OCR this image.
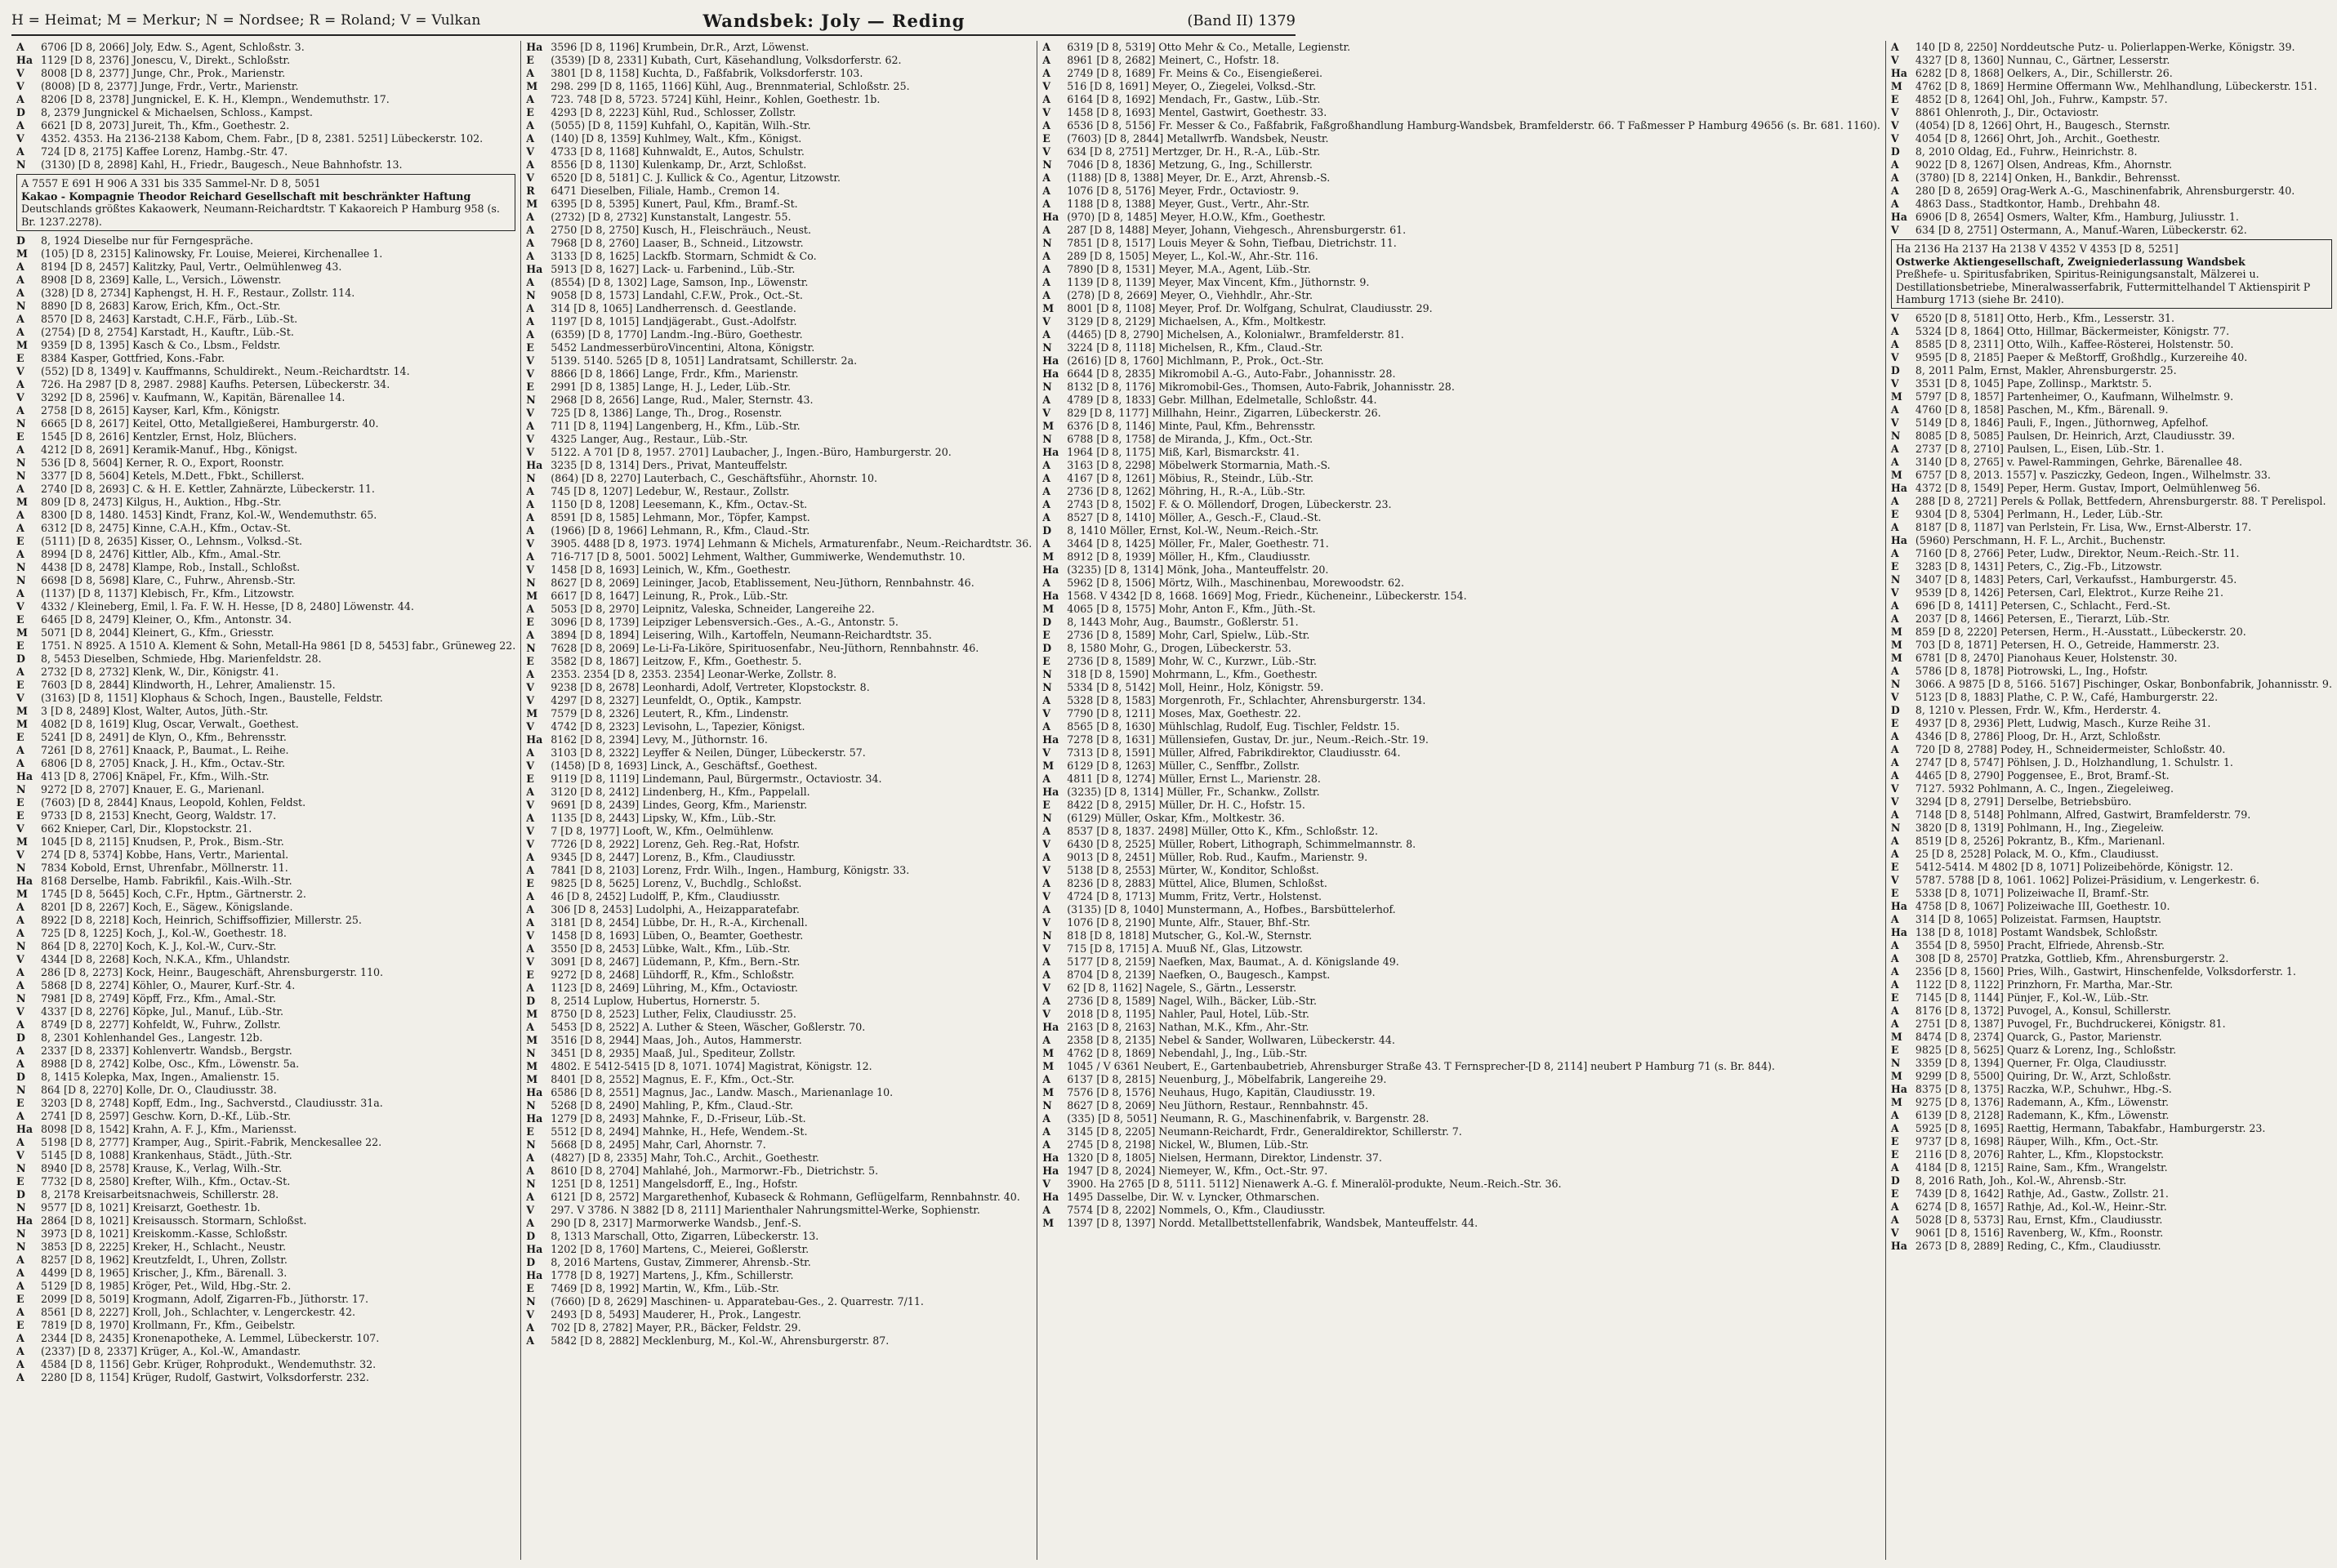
H = Heimat; M = Merkur; N = Nordsee; R = Roland; V = Vulkan	Wandsbek: Joly — Reding	(Band II) 1379
A 6706 [D 8, 2066] Joly, Edw. S., Agent, Schloßstr. 3.
Ha 1129 [D 8, 2376] Jonescu, V., Direkt., Schloßstr.
V 8008 [D 8, 2377] Junge, Chr., Prok., Marienstr.
V (8008) [D 8, 2377] Junge, Frdr., Vertr., Marienstr.
A 8206 [D 8, 2378] Jungnickel, E. K. H., Klempn., Wendemuthstr. 17.
D 8, 2379 Jungnickel & Michaelsen, Schloss., Kampst.
A 6621 [D 8, 2073] Jureit, Th., Kfm., Goethestr. 2.
V 4352. 4353. Ha 2136-2138 Kabom, Chem. Fabr., [D 8, 2381. 5251] Lübeckerstr. 102.
A 724 [D 8, 2175] Kaffee Lorenz, Hambg.-Str. 47.
N (3130) [D 8, 2898] Kahl, H., Friedr., Baugesch., Neue Bahnhofstr. 13.
A 7557 E 691 H 906 A 331 bis 335 Sammel-Nr. D 8, 5051
Kakao - Kompagnie Theodor Reichard Gesellschaft mit beschränkter Haftung
Deutschlands größtes Kakaowerk, Neumann-Reichardtstr. T Kakaoreich P Hamburg 958 (s. Br. 1237.2278).
D 8, 1924 Dieselbe nur für Ferngespräche.
M (105) [D 8, 2315] Kalinowsky, Fr. Louise, Meierei, Kirchenallee 1.
A 8194 [D 8, 2457] Kalitzky, Paul, Vertr., Oelmühlenweg 43.
A 8908 [D 8, 2369] Kalle, L., Versich., Löwenstr.
A (328) [D 8, 2734] Kaphengst, H. H. F., Restaur., Zollstr. 114.
N 8890 [D 8, 2683] Karow, Erich, Kfm., Oct.-Str.
A 8570 [D 8, 2463] Karstadt, C.H.F., Färb., Lüb.-St.
A (2754) [D 8, 2754] Karstadt, H., Kauftr., Lüb.-St.
M 9359 [D 8, 1395] Kasch & Co., Lbsm., Feldstr.
E 8384 Kasper, Gottfried, Kons.-Fabr.
V (552) [D 8, 1349] v. Kauffmanns, Schuldirekt., Neum.-Reichardtstr. 14.
A 726. Ha 2987 [D 8, 2987. 2988] Kaufhs. Petersen, Lübeckerstr. 34.
V 3292 [D 8, 2596] v. Kaufmann, W., Kapitän, Bärenallee 14.
A 2758 [D 8, 2615] Kayser, Karl, Kfm., Königstr.
N 6665 [D 8, 2617] Keitel, Otto, Metallgießerei, Hamburgerstr. 40.
E 1545 [D 8, 2616] Kentzler, Ernst, Holz, Blüchers.
A 4212 [D 8, 2691] Keramik-Manuf., Hbg., Königst.
N 536 [D 8, 5604] Kerner, R. O., Export, Roonstr.
N 3377 [D 8, 5604] Ketels, M.Dett., Fbkt., Schillerst.
A 2740 [D 8, 2693] C. & H. E. Kettler, Zahnärzte, Lübeckerstr. 11.
M 809 [D 8, 2473] Kilgus, H., Auktion., Hbg.-Str.
A 8300 [D 8, 1480. 1453] Kindt, Franz, Kol.-W., Wendemuthstr. 65.
A 6312 [D 8, 2475] Kinne, C.A.H., Kfm., Octav.-St.
E (5111) [D 8, 2635] Kisser, O., Lehnsm., Volksd.-St.
A 8994 [D 8, 2476] Kittler, Alb., Kfm., Amal.-Str.
N 4438 [D 8, 2478] Klampe, Rob., Install., Schloßst.
N 6698 [D 8, 5698] Klare, C., Fuhrw., Ahrensb.-Str.
A (1137) [D 8, 1137] Klebisch, Fr., Kfm., Litzowstr.
V 4332 / Kleineberg, Emil, l. Fa. F. W. H. Hesse, [D 8, 2480] Löwenstr. 44.
E 6465 [D 8, 2479] Kleiner, O., Kfm., Antonstr. 34.
M 5071 [D 8, 2044] Kleinert, G., Kfm., Griesstr.
E 1751. N 8925. A 1510 A. Klement & Sohn, Metall-Ha 9861 [D 8, 5453] fabr., Grüneweg 22.
D 8, 5453 Dieselben, Schmiede, Hbg. Marienfeldstr. 28.
A 2732 [D 8, 2732] Klenk, W., Dir., Königstr. 41.
E 7603 [D 8, 2844] Klindworth, H., Lehrer, Amalienstr. 15.
V (3163) [D 8, 1151] Klophaus & Schoch, Ingen., Baustelle, Feldstr.
M 3 [D 8, 2489] Klost, Walter, Autos, Jüth.-Str.
M 4082 [D 8, 1619] Klug, Oscar, Verwalt., Goethest.
E 5241 [D 8, 2491] de Klyn, O., Kfm., Behrensstr.
A 7261 [D 8, 2761] Knaack, P., Baumat., L. Reihe.
A 6806 [D 8, 2705] Knack, J. H., Kfm., Octav.-Str.
Ha 413 [D 8, 2706] Knäpel, Fr., Kfm., Wilh.-Str.
N 9272 [D 8, 2707] Knauer, E. G., Marienanl.
E (7603) [D 8, 2844] Knaus, Leopold, Kohlen, Feldst.
E 9733 [D 8, 2153] Knecht, Georg, Waldstr. 17.
V 662 Knieper, Carl, Dir., Klopstockstr. 21.
M 1045 [D 8, 2115] Knudsen, P., Prok., Bism.-Str.
V 274 [D 8, 5374] Kobbe, Hans, Vertr., Mariental.
N 7834 Kobold, Ernst, Uhrenfabr., Möllnerstr. 11.
Ha 8168 Derselbe, Hamb. Fabrikfil., Kais.-Wilh.-Str.
M 1745 [D 8, 5645] Koch, C.Fr., Hptm., Gärtnerstr. 2.
A 8201 [D 8, 2267] Koch, E., Sägew., Königslande.
A 8922 [D 8, 2218] Koch, Heinrich, Schiffsoffizier, Millerstr. 25.
A 725 [D 8, 1225] Koch, J., Kol.-W., Goethestr. 18.
N 864 [D 8, 2270] Koch, K. J., Kol.-W., Curv.-Str.
V 4344 [D 8, 2268] Koch, N.K.A., Kfm., Uhlandstr.
A 286 [D 8, 2273] Kock, Heinr., Baugeschäft, Ahrensburgerstr. 110.
A 5868 [D 8, 2274] Köhler, O., Maurer, Kurf.-Str. 4.
N 7981 [D 8, 2749] Köpff, Frz., Kfm., Amal.-Str.
V 4337 [D 8, 2276] Köpke, Jul., Manuf., Lüb.-Str.
A 8749 [D 8, 2277] Kohfeldt, W., Fuhrw., Zollstr.
D 8, 2301 Kohlenhandel Ges., Langestr. 12b.
A 2337 [D 8, 2337] Kohlenvertr. Wandsb., Bergstr.
A 8988 [D 8, 2742] Kolbe, Osc., Kfm., Löwenstr. 5a.
D 8, 1415 Kolepka, Max, Ingen., Amalienstr. 15.
N 864 [D 8, 2270] Kolle, Dr. O., Claudiusstr. 38.
E 3203 [D 8, 2748] Kopff, Edm., Ing., Sachverstd., Claudiusstr. 31a.
A 2741 [D 8, 2597] Geschw. Korn, D.-Kf., Lüb.-Str.
Ha 8098 [D 8, 1542] Krahn, A. F. J., Kfm., Mariensst.
A 5198 [D 8, 2777] Kramper, Aug., Spirit.-Fabrik, Menckesallee 22.
V 5145 [D 8, 1088] Krankenhaus, Städt., Jüth.-Str.
N 8940 [D 8, 2578] Krause, K., Verlag, Wilh.-Str.
E 7732 [D 8, 2580] Krefter, Wilh., Kfm., Octav.-St.
D 8, 2178 Kreisarbeitsnachweis, Schillerstr. 28.
N 9577 [D 8, 1021] Kreisarzt, Goethestr. 1b.
Ha 2864 [D 8, 1021] Kreisaussch. Stormarn, Schloßst.
N 3973 [D 8, 1021] Kreiskomm.-Kasse, Schloßstr.
N 3853 [D 8, 2225] Kreker, H., Schlacht., Neustr.
A 8257 [D 8, 1962] Kreutzfeldt, I., Uhren, Zollstr.
A 4499 [D 8, 1965] Krischer, J., Kfm., Bärenall. 3.
A 5129 [D 8, 1985] Kröger, Pet., Wild, Hbg.-Str. 2.
E 2099 [D 8, 5019] Krogmann, Adolf, Zigarren-Fb., Jüthorstr. 17.
A 8561 [D 8, 2227] Kroll, Joh., Schlachter, v. Lengerckestr. 42.
E 7819 [D 8, 1970] Krollmann, Fr., Kfm., Geibelstr.
A 2344 [D 8, 2435] Kronenapotheke, A. Lemmel, Lübeckerstr. 107.
A (2337) [D 8, 2337] Krüger, A., Kol.-W., Amandastr.
A 4584 [D 8, 1156] Gebr. Krüger, Rohprodukt., Wendemuthstr. 32.
A 2280 [D 8, 1154] Krüger, Rudolf, Gastwirt, Volksdorferstr. 232.
Ha 3596 [D 8, 1196] Krumbein, Dr.R., Arzt, Löwenst.
E (3539) [D 8, 2331] Kubath, Curt, Käsehandlung, Volksdorferstr. 62.
A 3801 [D 8, 1158] Kuchta, D., Faßfabrik, Volksdorferstr. 103.
M 298. 299 [D 8, 1165, 1166] Kühl, Aug., Brennmaterial, Schloßstr. 25.
A 723. 748 [D 8, 5723. 5724] Kühl, Heinr., Kohlen, Goethestr. 1b.
E 4293 [D 8, 2223] Kühl, Rud., Schlosser, Zollstr.
A (5055) [D 8, 1159] Kuhfahl, O., Kapitän, Wilh.-Str.
A (140) [D 8, 1359] Kuhlmey, Walt., Kfm., Königst.
V 4733 [D 8, 1168] Kuhnwaldt, E., Autos, Schulstr.
A 8556 [D 8, 1130] Kulenkamp, Dr., Arzt, Schloßst.
V 6520 [D 8, 5181] C. J. Kullick & Co., Agentur, Litzowstr.
R 6471 Dieselben, Filiale, Hamb., Cremon 14.
M 6395 [D 8, 5395] Kunert, Paul, Kfm., Bramf.-St.
A (2732) [D 8, 2732] Kunstanstalt, Langestr. 55.
A 2750 [D 8, 2750] Kusch, H., Fleischräuch., Neust.
A 7968 [D 8, 2760] Laaser, B., Schneid., Litzowstr.
A 3133 [D 8, 1625] Lackfb. Stormarn, Schmidt & Co.
Ha 5913 [D 8, 1627] Lack- u. Farbenind., Lüb.-Str.
A (8554) [D 8, 1302] Lage, Samson, Inp., Löwenstr.
N 9058 [D 8, 1573] Landahl, C.F.W., Prok., Oct.-St.
A 314 [D 8, 1065] Landherrensch. d. Geestlande.
A 1197 [D 8, 1015] Landjägerabt., Gust.-Adolfstr.
A (6359) [D 8, 1770] Landm.-Ing.-Büro, Goethestr.
E 5452 LandmesserbüroVincentini, Altona, Königstr.
V 5139. 5140. 5265 [D 8, 1051] Landratsamt, Schillerstr. 2a.
V 8866 [D 8, 1866] Lange, Frdr., Kfm., Marienstr.
E 2991 [D 8, 1385] Lange, H. J., Leder, Lüb.-Str.
N 2968 [D 8, 2656] Lange, Rud., Maler, Sternstr. 43.
V 725 [D 8, 1386] Lange, Th., Drog., Rosenstr.
A 711 [D 8, 1194] Langenberg, H., Kfm., Lüb.-Str.
V 4325 Langer, Aug., Restaur., Lüb.-Str.
V 5122. A 701 [D 8, 1957. 2701] Laubacher, J., Ingen.-Büro, Hamburgerstr. 20.
Ha 3235 [D 8, 1314] Ders., Privat, Manteuffelstr.
N (864) [D 8, 2270] Lauterbach, C., Geschäftsführ., Ahornstr. 10.
A 745 [D 8, 1207] Ledebur, W., Restaur., Zollstr.
A 1150 [D 8, 1208] Leesemann, K., Kfm., Octav.-St.
A 8591 [D 8, 1585] Lehmann, Mor., Töpfer, Kampst.
A (1966) [D 8, 1966] Lehmann, R., Kfm., Claud.-Str.
V 3905. 4488 [D 8, 1973. 1974] Lehmann & Michels, Armaturenfabr., Neum.-Reichardtstr. 36.
A 716-717 [D 8, 5001. 5002] Lehment, Walther, Gummiwerke, Wendemuthstr. 10.
V 1458 [D 8, 1693] Leinich, W., Kfm., Goethestr.
N 8627 [D 8, 2069] Leininger, Jacob, Etablissement, Neu-Jüthorn, Rennbahnstr. 46.
M 6617 [D 8, 1647] Leinung, R., Prok., Lüb.-Str.
A 5053 [D 8, 2970] Leipnitz, Valeska, Schneider, Langereihe 22.
E 3096 [D 8, 1739] Leipziger Lebensversich.-Ges., A.-G., Antonstr. 5.
A 3894 [D 8, 1894] Leisering, Wilh., Kartoffeln, Neumann-Reichardtstr. 35.
N 7628 [D 8, 2069] Le-Li-Fa-Liköre, Spirituosenfabr., Neu-Jüthorn, Rennbahnstr. 46.
E 3582 [D 8, 1867] Leitzow, F., Kfm., Goethestr. 5.
A 2353. 2354 [D 8, 2353. 2354] Leonar-Werke, Zollstr. 8.
V 9238 [D 8, 2678] Leonhardi, Adolf, Vertreter, Klopstockstr. 8.
V 4297 [D 8, 2327] Leunfeldt, O., Optik., Kampstr.
M 7579 [D 8, 2326] Leutert, R., Kfm., Lindenstr.
V 4742 [D 8, 2323] Levisohn, L., Tapezier, Königst.
Ha 8162 [D 8, 2394] Levy, M., Jüthornstr. 16.
A 3103 [D 8, 2322] Leyffer & Neilen, Dünger, Lübeckerstr. 57.
V (1458) [D 8, 1693] Linck, A., Geschäftsf., Goethest.
E 9119 [D 8, 1119] Lindemann, Paul, Bürgermstr., Octaviostr. 34.
A 3120 [D 8, 2412] Lindenberg, H., Kfm., Pappelall.
V 9691 [D 8, 2439] Lindes, Georg, Kfm., Marienstr.
A 1135 [D 8, 2443] Lipsky, W., Kfm., Lüb.-Str.
V 7 [D 8, 1977] Looft, W., Kfm., Oelmühlenw.
V 7726 [D 8, 2922] Lorenz, Geh. Reg.-Rat, Hofstr.
A 9345 [D 8, 2447] Lorenz, B., Kfm., Claudiusstr.
A 7841 [D 8, 2103] Lorenz, Frdr. Wilh., Ingen., Hamburg, Königstr. 33.
E 9825 [D 8, 5625] Lorenz, V., Buchdlg., Schloßst.
A 46 [D 8, 2452] Ludolff, P., Kfm., Claudiusstr.
A 306 [D 8, 2453] Ludolphi, A., Heizapparatefabr.
A 3181 [D 8, 2454] Lübbe, Dr. H., R.-A., Kirchenall.
V 1458 [D 8, 1693] Lüben, O., Beamter, Goethestr.
A 3550 [D 8, 2453] Lübke, Walt., Kfm., Lüb.-Str.
V 3091 [D 8, 2467] Lüdemann, P., Kfm., Bern.-Str.
E 9272 [D 8, 2468] Lühdorff, R., Kfm., Schloßstr.
A 1123 [D 8, 2469] Lühring, M., Kfm., Octaviostr.
D 8, 2514 Luplow, Hubertus, Hornerstr. 5.
M 8750 [D 8, 2523] Luther, Felix, Claudiusstr. 25.
A 5453 [D 8, 2522] A. Luther & Steen, Wäscher, Goßlerstr. 70.
M 3516 [D 8, 2944] Maas, Joh., Autos, Hammerstr.
N 3451 [D 8, 2935] Maaß, Jul., Spediteur, Zollstr.
M 4802. E 5412-5415 [D 8, 1071. 1074] Magistrat, Königstr. 12.
M 8401 [D 8, 2552] Magnus, E. F., Kfm., Oct.-Str.
Ha 6586 [D 8, 2551] Magnus, Jac., Landw. Masch., Marienanlage 10.
N 5268 [D 8, 2490] Mahling, P., Kfm., Claud.-Str.
Ha 1279 [D 8, 2493] Mahnke, F., D.-Friseur, Lüb.-St.
E 5512 [D 8, 2494] Mahnke, H., Hefe, Wendem.-St.
N 5668 [D 8, 2495] Mahr, Carl, Ahornstr. 7.
A (4827) [D 8, 2335] Mahr, Toh.C., Archit., Goethestr.
A 8610 [D 8, 2704] Mahlahé, Joh., Marmorwr.-Fb., Dietrichstr. 5.
N 1251 [D 8, 1251] Mangelsdorff, E., Ing., Hofstr.
A 6121 [D 8, 2572] Margarethenhof, Kubaseck & Rohmann, Geflügelfarm, Rennbahnstr. 40.
V 297. V 3786. N 3882 [D 8, 2111] Marienthaler Nahrungsmittel-Werke, Sophienstr.
A 290 [D 8, 2317] Marmorwerke Wandsb., Jenf.-S.
D 8, 1313 Marschall, Otto, Zigarren, Lübeckerstr. 13.
Ha 1202 [D 8, 1760] Martens, C., Meierei, Goßlerstr.
D 8, 2016 Martens, Gustav, Zimmerer, Ahrensb.-Str.
Ha 1778 [D 8, 1927] Martens, J., Kfm., Schillerstr.
E 7469 [D 8, 1992] Martin, W., Kfm., Lüb.-Str.
N (7660) [D 8, 2629] Maschinen- u. Apparatebau-Ges., 2. Quarrestr. 7/11.
V 2493 [D 8, 5493] Mauderer, H., Prok., Langestr.
A 702 [D 8, 2782] Mayer, P.R., Bäcker, Feldstr. 29.
A 5842 [D 8, 2882] Mecklenburg, M., Kol.-W., Ahrensburgerstr. 87.
A 6319 [D 8, 5319] Otto Mehr & Co., Metalle, Legienstr.
A 8961 [D 8, 2682] Meinert, C., Hofstr. 18.
A 2749 [D 8, 1689] Fr. Meins & Co., Eisengießerei.
V 516 [D 8, 1691] Meyer, O., Ziegelei, Volksd.-Str.
A 6164 [D 8, 1692] Mendach, Fr., Gastw., Lüb.-Str.
V 1458 [D 8, 1693] Mentel, Gastwirt, Goethestr. 33.
A 6536 [D 8, 5156] Fr. Messer & Co., Faßfabrik, Faßgroßhandlung Hamburg-Wandsbek, Bramfelderstr. 66. T Faßmesser P Hamburg 49656 (s. Br. 681. 1160).
E (7603) [D 8, 2844] Metallwrfb. Wandsbek, Neustr.
V 634 [D 8, 2751] Mertzger, Dr. H., R.-A., Lüb.-Str.
N 7046 [D 8, 1836] Metzung, G., Ing., Schillerstr.
A (1188) [D 8, 1388] Meyer, Dr. E., Arzt, Ahrensb.-S.
A 1076 [D 8, 5176] Meyer, Frdr., Octaviostr. 9.
A 1188 [D 8, 1388] Meyer, Gust., Vertr., Ahr.-Str.
Ha (970) [D 8, 1485] Meyer, H.O.W., Kfm., Goethestr.
A 287 [D 8, 1488] Meyer, Johann, Viehgesch., Ahrensburgerstr. 61.
N 7851 [D 8, 1517] Louis Meyer & Sohn, Tiefbau, Dietrichstr. 11.
A 289 [D 8, 1505] Meyer, L., Kol.-W., Ahr.-Str. 116.
A 7890 [D 8, 1531] Meyer, M.A., Agent, Lüb.-Str.
A 1139 [D 8, 1139] Meyer, Max Vincent, Kfm., Jüthornstr. 9.
A (278) [D 8, 2669] Meyer, O., Viehhdlr., Ahr.-Str.
M 8001 [D 8, 1108] Meyer, Prof. Dr. Wolfgang, Schulrat, Claudiusstr. 29.
V 3129 [D 8, 2129] Michaelsen, A., Kfm., Moltkestr.
A (4465) [D 8, 2790] Michelsen, A., Kolonialwr., Bramfelderstr. 81.
N 3224 [D 8, 1118] Michelsen, R., Kfm., Claud.-Str.
Ha (2616) [D 8, 1760] Michlmann, P., Prok., Oct.-Str.
Ha 6644 [D 8, 2835] Mikromobil A.-G., Auto-Fabr., Johannisstr. 28.
N 8132 [D 8, 1176] Mikromobil-Ges., Thomsen, Auto-Fabrik, Johannisstr. 28.
A 4789 [D 8, 1833] Gebr. Millhan, Edelmetalle, Schloßstr. 44.
V 829 [D 8, 1177] Millhahn, Heinr., Zigarren, Lübeckerstr. 26.
M 6376 [D 8, 1146] Minte, Paul, Kfm., Behrensstr.
N 6788 [D 8, 1758] de Miranda, J., Kfm., Oct.-Str.
Ha 1964 [D 8, 1175] Miß, Karl, Bismarckstr. 41.
A 3163 [D 8, 2298] Möbelwerk Stormarnia, Math.-S.
A 4167 [D 8, 1261] Möbius, R., Steindr., Lüb.-Str.
A 2736 [D 8, 1262] Möhring, H., R.-A., Lüb.-Str.
A 2743 [D 8, 1502] F. & O. Möllendorf, Drogen, Lübeckerstr. 23.
A 8527 [D 8, 1410] Möller, A., Gesch.-F., Claud.-St.
D 8, 1410 Möller, Ernst, Kol.-W., Neum.-Reich.-Str.
A 3464 [D 8, 1425] Möller, Fr., Maler, Goethestr. 71.
M 8912 [D 8, 1939] Möller, H., Kfm., Claudiusstr.
Ha (3235) [D 8, 1314] Mönk, Joha., Manteuffelstr. 20.
A 5962 [D 8, 1506] Mörtz, Wilh., Maschinenbau, Morewoodstr. 62.
Ha 1568. V 4342 [D 8, 1668. 1669] Mog, Friedr., Kücheneinr., Lübeckerstr. 154.
M 4065 [D 8, 1575] Mohr, Anton F., Kfm., Jüth.-St.
D 8, 1443 Mohr, Aug., Baumstr., Goßlerstr. 51.
E 2736 [D 8, 1589] Mohr, Carl, Spielw., Lüb.-Str.
D 8, 1580 Mohr, G., Drogen, Lübeckerstr. 53.
E 2736 [D 8, 1589] Mohr, W. C., Kurzwr., Lüb.-Str.
N 318 [D 8, 1590] Mohrmann, L., Kfm., Goethestr.
N 5334 [D 8, 5142] Moll, Heinr., Holz, Königstr. 59.
A 5328 [D 8, 1583] Morgenroth, Fr., Schlachter, Ahrensburgerstr. 134.
V 7790 [D 8, 1211] Moses, Max, Goethestr. 22.
A 8565 [D 8, 1630] Mühlschlag, Rudolf, Eug. Tischler, Feldstr. 15.
Ha 7278 [D 8, 1631] Müllensiefen, Gustav, Dr. jur., Neum.-Reich.-Str. 19.
V 7313 [D 8, 1591] Müller, Alfred, Fabrikdirektor, Claudiusstr. 64.
M 6129 [D 8, 1263] Müller, C., Senffbr., Zollstr.
A 4811 [D 8, 1274] Müller, Ernst L., Marienstr. 28.
Ha (3235) [D 8, 1314] Müller, Fr., Schankw., Zollstr.
E 8422 [D 8, 2915] Müller, Dr. H. C., Hofstr. 15.
N (6129) Müller, Oskar, Kfm., Moltkestr. 36.
A 8537 [D 8, 1837. 2498] Müller, Otto K., Kfm., Schloßstr. 12.
V 6430 [D 8, 2525] Müller, Robert, Lithograph, Schimmelmannstr. 8.
A 9013 [D 8, 2451] Müller, Rob. Rud., Kaufm., Marienstr. 9.
V 5138 [D 8, 2553] Mürter, W., Konditor, Schloßst.
A 8236 [D 8, 2883] Müttel, Alice, Blumen, Schloßst.
V 4724 [D 8, 1713] Mumm, Fritz, Vertr., Holstenst.
A (3135) [D 8, 1040] Munstermann, A., Hofbes., Barsbüttelerhof.
V 1076 [D 8, 2190] Munte, Alfr., Stauer, Bhf.-Str.
N 818 [D 8, 1818] Mutscher, G., Kol.-W., Sternstr.
V 715 [D 8, 1715] A. Muuß Nf., Glas, Litzowstr.
A 5177 [D 8, 2159] Naefken, Max, Baumat., A. d. Königslande 49.
A 8704 [D 8, 2139] Naefken, O., Baugesch., Kampst.
V 62 [D 8, 1162] Nagele, S., Gärtn., Lesserstr.
A 2736 [D 8, 1589] Nagel, Wilh., Bäcker, Lüb.-Str.
V 2018 [D 8, 1195] Nahler, Paul, Hotel, Lüb.-Str.
Ha 2163 [D 8, 2163] Nathan, M.K., Kfm., Ahr.-Str.
A 2358 [D 8, 2135] Nebel & Sander, Wollwaren, Lübeckerstr. 44.
M 4762 [D 8, 1869] Nebendahl, J., Ing., Lüb.-Str.
M 1045 / V 6361 Neubert, E., Gartenbaubetrieb, Ahrensburger Straße 43. T Fernsprecher-[D 8, 2114] neubert P Hamburg 71 (s. Br. 844).
A 6137 [D 8, 2815] Neuenburg, J., Möbelfabrik, Langereihe 29.
M 7576 [D 8, 1576] Neuhaus, Hugo, Kapitän, Claudiusstr. 19.
N 8627 [D 8, 2069] Neu Jüthorn, Restaur., Rennbahnstr. 45.
A (335) [D 8, 5051] Neumann, R. G., Maschinenfabrik, v. Bargenstr. 28.
A 3145 [D 8, 2205] Neumann-Reichardt, Frdr., Generaldirektor, Schillerstr. 7.
A 2745 [D 8, 2198] Nickel, W., Blumen, Lüb.-Str.
Ha 1320 [D 8, 1805] Nielsen, Hermann, Direktor, Lindenstr. 37.
Ha 1947 [D 8, 2024] Niemeyer, W., Kfm., Oct.-Str. 97.
V 3900. Ha 2765 [D 8, 5111. 5112] Nienawerk A.-G. f. Mineralöl-produkte, Neum.-Reich.-Str. 36.
Ha 1495 Dasselbe, Dir. W. v. Lyncker, Othmarschen.
A 7574 [D 8, 2202] Nommels, O., Kfm., Claudiusstr.
M 1397 [D 8, 1397] Nordd. Metallbettstellenfabrik, Wandsbek, Manteuffelstr. 44.
A 140 [D 8, 2250] Norddeutsche Putz- u. Polierlappen-Werke, Königstr. 39.
V 4327 [D 8, 1360] Nunnau, C., Gärtner, Lesserstr.
Ha 6282 [D 8, 1868] Oelkers, A., Dir., Schillerstr. 26.
M 4762 [D 8, 1869] Hermine Offermann Ww., Mehlhandlung, Lübeckerstr. 151.
E 4852 [D 8, 1264] Ohl, Joh., Fuhrw., Kampstr. 57.
V 8861 Ohlenroth, J., Dir., Octaviostr.
V (4054) [D 8, 1266] Ohrt, H., Baugesch., Sternstr.
V 4054 [D 8, 1266] Ohrt, Joh., Archit., Goethestr.
D 8, 2010 Oldag, Ed., Fuhrw., Heinrichstr. 8.
A 9022 [D 8, 1267] Olsen, Andreas, Kfm., Ahornstr.
A (3780) [D 8, 2214] Onken, H., Bankdir., Behrensst.
A 280 [D 8, 2659] Orag-Werk A.-G., Maschinenfabrik, Ahrensburgerstr. 40.
A 4863 Dass., Stadtkontor, Hamb., Drehbahn 48.
Ha 6906 [D 8, 2654] Osmers, Walter, Kfm., Hamburg, Juliusstr. 1.
V 634 [D 8, 2751] Ostermann, A., Manuf.-Waren, Lübeckerstr. 62.
Ha 2136 Ha 2137 Ha 2138 V 4352 V 4353 [D 8, 5251]
Ostwerke Aktiengesellschaft, Zweigniederlassung Wandsbek
Preßhefe- u. Spiritusfabriken, Spiritus-Reinigungsanstalt, Mälzerei u. Destillationsbetriebe, Mineralwasserfabrik, Futtermittelhandel T Aktienspirit P Hamburg 1713 (siehe Br. 2410).
V 6520 [D 8, 5181] Otto, Herb., Kfm., Lesserstr. 31.
A 5324 [D 8, 1864] Otto, Hillmar, Bäckermeister, Königstr. 77.
A 8585 [D 8, 2311] Otto, Wilh., Kaffee-Rösterei, Holstenstr. 50.
V 9595 [D 8, 2185] Paeper & Meßtorff, Großhdlg., Kurzereihe 40.
D 8, 2011 Palm, Ernst, Makler, Ahrensburgerstr. 25.
V 3531 [D 8, 1045] Pape, Zollinsp., Marktstr. 5.
M 5797 [D 8, 1857] Partenheimer, O., Kaufmann, Wilhelmstr. 9.
A 4760 [D 8, 1858] Paschen, M., Kfm., Bärenall. 9.
V 5149 [D 8, 1846] Pauli, F., Ingen., Jüthornweg, Apfelhof.
N 8085 [D 8, 5085] Paulsen, Dr. Heinrich, Arzt, Claudiusstr. 39.
A 2737 [D 8, 2710] Paulsen, L., Eisen, Lüb.-Str. 1.
A 3140 [D 8, 2765] v. Pawel-Rammingen, Gehrke, Bärenallee 48.
M 6757 [D 8, 2013. 1557] v. Pasziczky, Gedeon, Ingen., Wilhelmstr. 33.
Ha 4372 [D 8, 1549] Peper, Herm. Gustav, Import, Oelmühlenweg 56.
A 288 [D 8, 2721] Perels & Pollak, Bettfedern, Ahrensburgerstr. 88. T Perelispol.
E 9304 [D 8, 5304] Perlmann, H., Leder, Lüb.-Str.
A 8187 [D 8, 1187] van Perlstein, Fr. Lisa, Ww., Ernst-Alberstr. 17.
Ha (5960) Perschmann, H. F. L., Archit., Buchenstr.
A 7160 [D 8, 2766] Peter, Ludw., Direktor, Neum.-Reich.-Str. 11.
E 3283 [D 8, 1431] Peters, C., Zig.-Fb., Litzowstr.
N 3407 [D 8, 1483] Peters, Carl, Verkaufsst., Hamburgerstr. 45.
V 9539 [D 8, 1426] Petersen, Carl, Elektrot., Kurze Reihe 21.
A 696 [D 8, 1411] Petersen, C., Schlacht., Ferd.-St.
A 2037 [D 8, 1466] Petersen, E., Tierarzt, Lüb.-Str.
M 859 [D 8, 2220] Petersen, Herm., H.-Ausstatt., Lübeckerstr. 20.
M 703 [D 8, 1871] Petersen, H. O., Getreide, Hammerstr. 23.
M 6781 [D 8, 2470] Pianohaus Keuer, Holstenstr. 30.
A 5786 [D 8, 1878] Piotrowski, L., Ing., Hofstr.
N 3066. A 9875 [D 8, 5166. 5167] Pischinger, Oskar, Bonbonfabrik, Johannisstr. 9.
V 5123 [D 8, 1883] Plathe, C. P. W., Café, Hamburgerstr. 22.
D 8, 1210 v. Plessen, Frdr. W., Kfm., Herderstr. 4.
E 4937 [D 8, 2936] Plett, Ludwig, Masch., Kurze Reihe 31.
A 4346 [D 8, 2786] Ploog, Dr. H., Arzt, Schloßstr.
A 720 [D 8, 2788] Podey, H., Schneidermeister, Schloßstr. 40.
A 2747 [D 8, 5747] Pöhlsen, J. D., Holzhandlung, 1. Schulstr. 1.
A 4465 [D 8, 2790] Poggensee, E., Brot, Bramf.-St.
V 7127. 5932 Pohlmann, A. C., Ingen., Ziegeleiweg.
V 3294 [D 8, 2791] Derselbe, Betriebsbüro.
A 7148 [D 8, 5148] Pohlmann, Alfred, Gastwirt, Bramfelderstr. 79.
N 3820 [D 8, 1319] Pohlmann, H., Ing., Ziegeleiw.
A 8519 [D 8, 2526] Pokrantz, B., Kfm., Marienanl.
A 25 [D 8, 2528] Polack, M. O., Kfm., Claudiusst.
E 5412-5414. M 4802 [D 8, 1071] Polizeibehörde, Königstr. 12.
V 5787. 5788 [D 8, 1061. 1062] Polizei-Präsidium, v. Lengerkestr. 6.
E 5338 [D 8, 1071] Polizeiwache II, Bramf.-Str.
Ha 4758 [D 8, 1067] Polizeiwache III, Goethestr. 10.
A 314 [D 8, 1065] Polizeistat. Farmsen, Hauptstr.
Ha 138 [D 8, 1018] Postamt Wandsbek, Schloßstr.
A 3554 [D 8, 5950] Pracht, Elfriede, Ahrensb.-Str.
A 308 [D 8, 2570] Pratzka, Gottlieb, Kfm., Ahrensburgerstr. 2.
A 2356 [D 8, 1560] Pries, Wilh., Gastwirt, Hinschenfelde, Volksdorferstr. 1.
A 1122 [D 8, 1122] Prinzhorn, Fr. Martha, Mar.-Str.
E 7145 [D 8, 1144] Pünjer, F., Kol.-W., Lüb.-Str.
A 8176 [D 8, 1372] Puvogel, A., Konsul, Schillerstr.
A 2751 [D 8, 1387] Puvogel, Fr., Buchdruckerei, Königstr. 81.
M 8474 [D 8, 2374] Quarck, G., Pastor, Marienstr.
E 9825 [D 8, 5625] Quarz & Lorenz, Ing., Schloßstr.
N 3359 [D 8, 1394] Querner, Fr. Olga, Claudiusstr.
M 9299 [D 8, 5500] Quiring, Dr. W., Arzt, Schloßstr.
Ha 8375 [D 8, 1375] Raczka, W.P., Schuhwr., Hbg.-S.
M 9275 [D 8, 1376] Rademann, A., Kfm., Löwenstr.
A 6139 [D 8, 2128] Rademann, K., Kfm., Löwenstr.
A 5925 [D 8, 1695] Raettig, Hermann, Tabakfabr., Hamburgerstr. 23.
E 9737 [D 8, 1698] Räuper, Wilh., Kfm., Oct.-Str.
E 2116 [D 8, 2076] Rahter, L., Kfm., Klopstockstr.
A 4184 [D 8, 1215] Raine, Sam., Kfm., Wrangelstr.
D 8, 2016 Rath, Joh., Kol.-W., Ahrensb.-Str.
E 7439 [D 8, 1642] Rathje, Ad., Gastw., Zollstr. 21.
A 6274 [D 8, 1657] Rathje, Ad., Kol.-W., Heinr.-Str.
A 5028 [D 8, 5373] Rau, Ernst, Kfm., Claudiusstr.
V 9061 [D 8, 1516] Ravenberg, W., Kfm., Roonstr.
Ha 2673 [D 8, 2889] Reding, C., Kfm., Claudiusstr.
